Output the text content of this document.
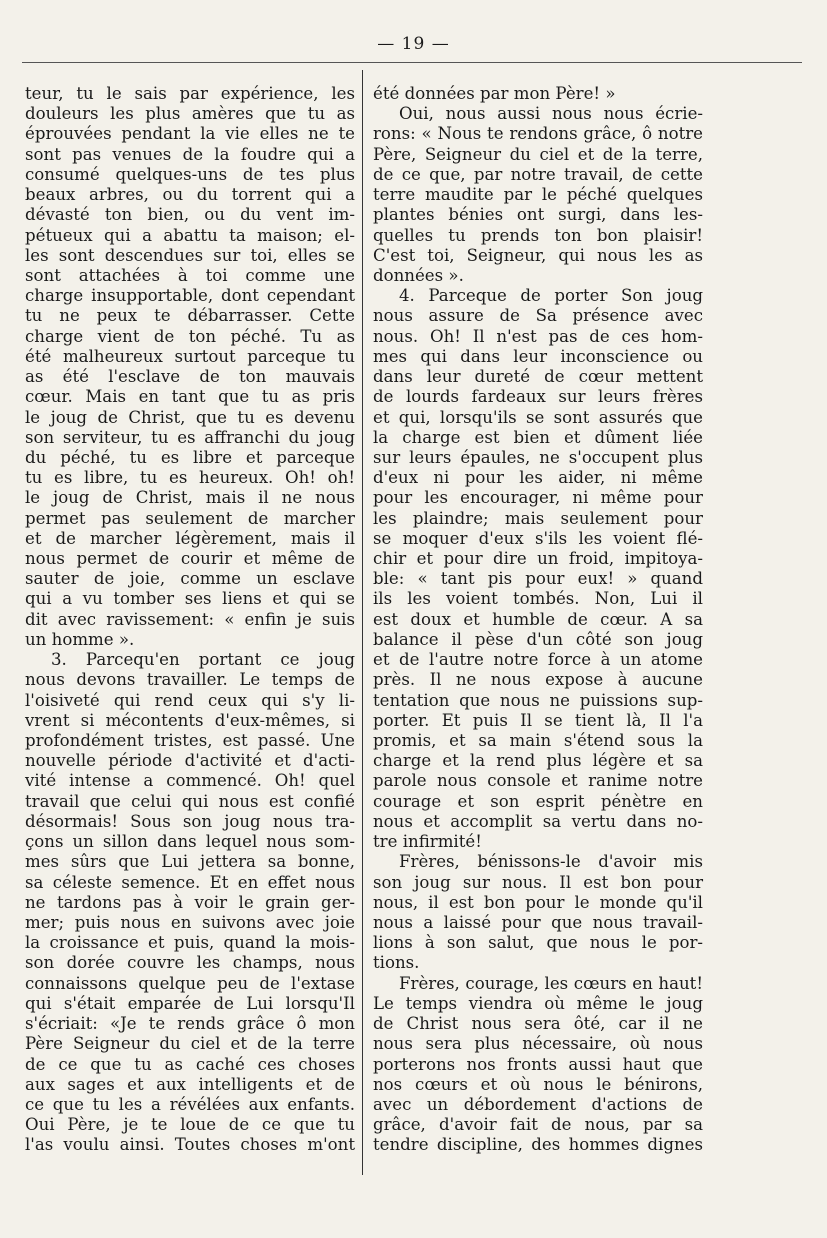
— 19 —
teur, tu le sais par expérience, les
douleurs les plus amères que tu as
éprouvées pendant la vie elles ne te
sont pas venues de la foudre qui a
consumé quelques-uns de tes plus
beaux arbres, ou du torrent qui a
dévasté ton bien, ou du vent im-
pétueux qui a abattu ta maison; el-
les sont descendues sur toi, elles se
sont attachées à toi comme une
charge insupportable, dont cependant
tu ne peux te débarrasser. Cette
charge vient de ton péché. Tu as
été malheureux surtout parceque tu
as été l'esclave de ton mauvais
cœur. Mais en tant que tu as pris
le joug de Christ, que tu es devenu
son serviteur, tu es affranchi du joug
du péché, tu es libre et parceque
tu es libre, tu es heureux. Oh! oh!
le joug de Christ, mais il ne nous
permet pas seulement de marcher
et de marcher légèrement, mais il
nous permet de courir et même de
sauter de joie, comme un esclave
qui a vu tomber ses liens et qui se
dit avec ravissement: « enfin je suis
un homme ».
3. Parcequ'en portant ce joug
nous devons travailler. Le temps de
l'oisiveté qui rend ceux qui s'y li-
vrent si mécontents d'eux-mêmes, si
profondément tristes, est passé. Une
nouvelle période d'activité et d'acti-
vité intense a commencé. Oh! quel
travail que celui qui nous est confié
désormais! Sous son joug nous tra-
çons un sillon dans lequel nous som-
mes sûrs que Lui jettera sa bonne,
sa céleste semence. Et en effet nous
ne tardons pas à voir le grain ger-
mer; puis nous en suivons avec joie
la croissance et puis, quand la mois-
son dorée couvre les champs, nous
connaissons quelque peu de l'extase
qui s'était emparée de Lui lorsqu'Il
s'écriait: «Je te rends grâce ô mon
Père Seigneur du ciel et de la terre
de ce que tu as caché ces choses
aux sages et aux intelligents et de
ce que tu les a révélées aux enfants.
Oui Père, je te loue de ce que tu
l'as voulu ainsi. Toutes choses m'ont
été données par mon Père! »
Oui, nous aussi nous nous écrie-
rons: « Nous te rendons grâce, ô notre
Père, Seigneur du ciel et de la terre,
de ce que, par notre travail, de cette
terre maudite par le péché quelques
plantes bénies ont surgi, dans les-
quelles tu prends ton bon plaisir!
C'est toi, Seigneur, qui nous les as
données ».
4. Parceque de porter Son joug
nous assure de Sa présence avec
nous. Oh! Il n'est pas de ces hom-
mes qui dans leur inconscience ou
dans leur dureté de cœur mettent
de lourds fardeaux sur leurs frères
et qui, lorsqu'ils se sont assurés que
la charge est bien et dûment liée
sur leurs épaules, ne s'occupent plus
d'eux ni pour les aider, ni même
pour les encourager, ni même pour
les plaindre; mais seulement pour
se moquer d'eux s'ils les voient flé-
chir et pour dire un froid, impitoya-
ble: « tant pis pour eux! » quand
ils les voient tombés. Non, Lui il
est doux et humble de cœur. A sa
balance il pèse d'un côté son joug
et de l'autre notre force à un atome
près. Il ne nous expose à aucune
tentation que nous ne puissions sup-
porter. Et puis Il se tient là, Il l'a
promis, et sa main s'étend sous la
charge et la rend plus légère et sa
parole nous console et ranime notre
courage et son esprit pénètre en
nous et accomplit sa vertu dans no-
tre infirmité!
Frères, bénissons-le d'avoir mis
son joug sur nous. Il est bon pour
nous, il est bon pour le monde qu'il
nous a laissé pour que nous travail-
lions à son salut, que nous le por-
tions.
Frères, courage, les cœurs en haut!
Le temps viendra où même le joug
de Christ nous sera ôté, car il ne
nous sera plus nécessaire, où nous
porterons nos fronts aussi haut que
nos cœurs et où nous le bénirons,
avec un débordement d'actions de
grâce, d'avoir fait de nous, par sa
tendre discipline, des hommes dignes
